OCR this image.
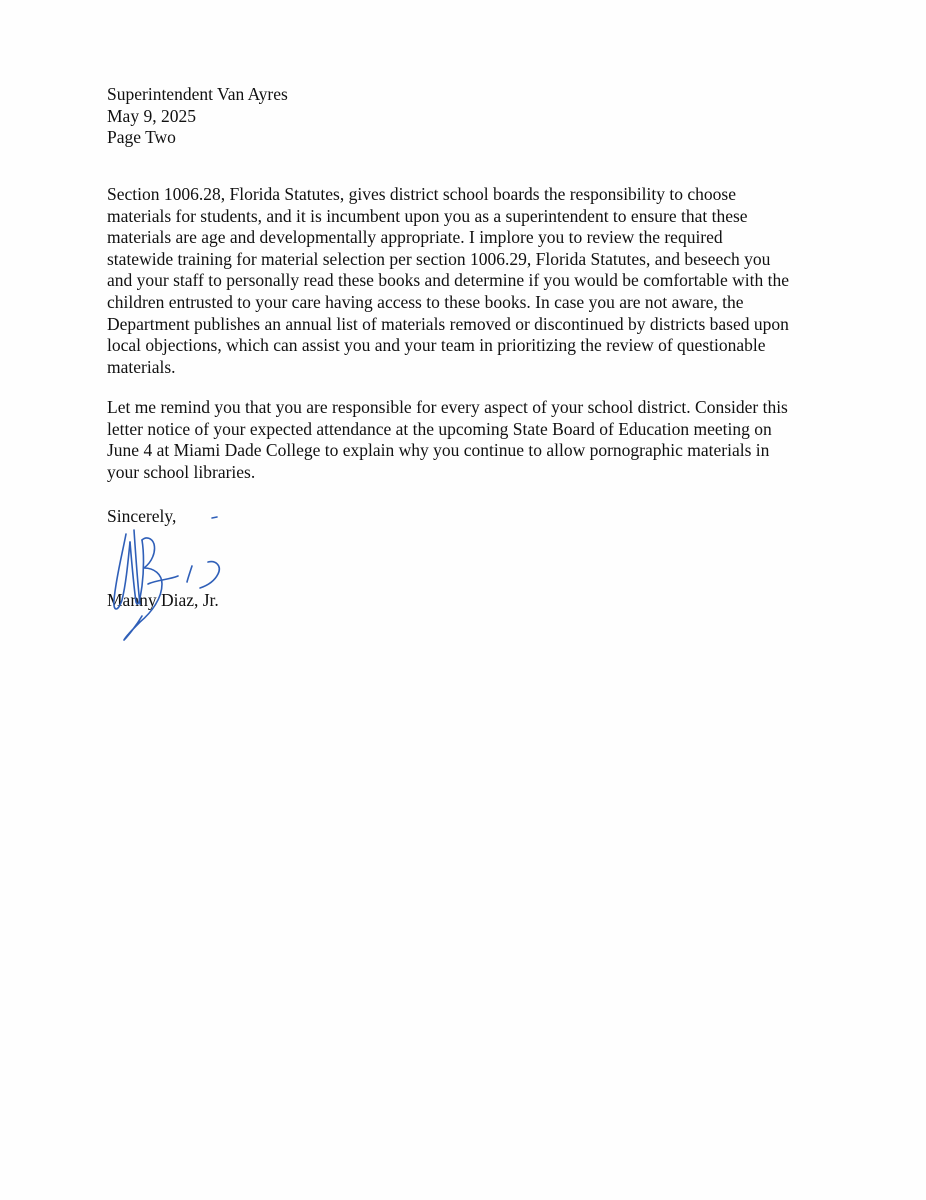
Superintendent Van Ayres
May 9, 2025
Page Two
Section 1006.28, Florida Statutes, gives district school boards the responsibility to choose
materials for students, and it is incumbent upon you as a superintendent to ensure that these
materials are age and developmentally appropriate. I implore you to review the required
statewide training for material selection per section 1006.29, Florida Statutes, and beseech you
and your staff to personally read these books and determine if you would be comfortable with the
children entrusted to your care having access to these books. In case you are not aware, the
Department publishes an annual list of materials removed or discontinued by districts based upon
local objections, which can assist you and your team in prioritizing the review of questionable
materials.
Let me remind you that you are responsible for every aspect of your school district. Consider this
letter notice of your expected attendance at the upcoming State Board of Education meeting on
June 4 at Miami Dade College to explain why you continue to allow pornographic materials in
your school libraries.
Sincerely,
Manny Diaz, Jr.
